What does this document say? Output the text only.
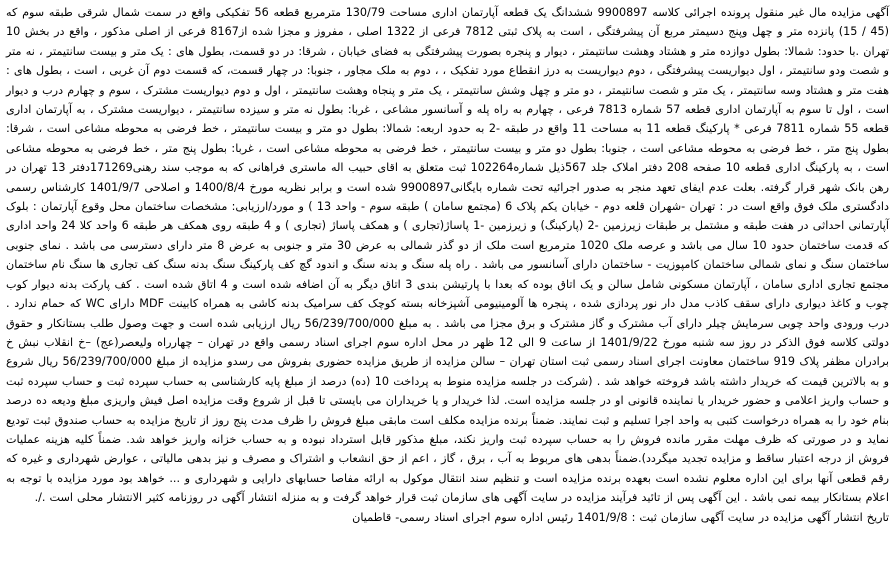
آگهی مزایده مال غیر منقول پرونده اجرائی کلاسه 9900897 ششدانگ یک قطعه آپارتمان اداری مساحت 130/79 مترمربع قطعه 56 تفکیکی واقع در سمت شمال شرقی طبقه سوم که (45 / 15) پانزده متر و چهل وپنج دسیمتر مربع آن پیشرفتگی ، است به پلاک ثبتی 7812 فرعی از 1322 اصلی ، مفروز و مجزا شده از8167 فرعی از اصلی مذکور ، واقع در بخش 10 تهران .با حدود: شمالا: بطول دوازده متر و هشتاد وهشت سانتیمتر ، دیوار و پنجره بصورت پیشرفتگی به فضای خیابان ، شرقا: در دو قسمت، بطول های : یک متر و بیست سانتیمتر ، نه متر و شصت ودو سانتیمتر ، اول دیواریست پیشرفتگی ، دوم دیواریست به درز انقطاع مورد تفکیک ، ، دوم به ملک مجاور ، جنوبا: در چهار قسمت، که قسمت دوم آن غربی ، است ، بطول های : هفت متر و هشتاد وسه سانتیمتر ، یک متر و شصت سانتیمتر ، دو متر و چهل وشش سانتیمتر ، یک متر و پنجاه وهشت سانتیمتر ، اول و دوم دیواریست مشترک ، سوم و چهارم درب و دیوار است ، اول تا سوم به آپارتمان اداری قطعه 57 شماره 7813 فرعی ، چهارم به راه پله و آسانسور مشاعی ، غربا: بطول نه متر و سیزده سانتیمتر ، دیواریست مشترک ، به آپارتمان اداری قطعه 55 شماره 7811 فرعی * پارکینگ قطعه 11 به مساحت 11 واقع در طبقه -2 به حدود اربعه: شمالا: بطول دو متر و بیست سانتیمتر ، خط فرضی به محوطه مشاعی است ، شرقا: بطول پنج متر ، خط فرضی به محوطه مشاعی است ، جنوبا: بطول دو متر و بیست سانتیمتر ، خط فرضی به محوطه مشاعی است ، غربا: بطول پنج متر ، خط فرضی به محوطه مشاعی است ، به پارکینگ اداری قطعه 10 صفحه 208 دفتر املاک جلد 567ذیل شماره102264 ثبت متعلق به اقای حبیب اله ماستری فراهانی که به موجب سند رهنی171269دفتر 13 تهران در رهن بانک شهر قرار گرفته. بعلت عدم ایفای تعهد منجر به صدور اجرائیه تحت شماره بایگانی9900897 شده است و برابر نظریه مورخ 1400/8/4 و اصلاحی 1401/9/7 کارشناس رسمی دادگستری ملک فوق واقع است در : تهران -شهران قلعه دوم - خیابان یکم پلاک 6 (مجتمع سامان ) طبقه سوم - واحد 13 ) و مورد/ارزیابی: مشخصات ساختمان محل وقوع آپارتمان : بلوک آپارتمانی احداثی در هفت طبقه و مشتمل بر طبقات زیرزمین -2 (پارکینگ) و زیرزمین -1 پاساژ(تجاری ) و همکف پاساژ (تجاری ) و 4 طبقه روی همکف هر طبقه 6 واحد کلا 24 واحد اداری که قدمت ساختمان حدود 10 سال می باشد و عرصه ملک 1020 مترمربع است ملک از دو گذر شمالی به عرض 30 متر و جنوبی به عرض 8 متر دارای دسترسی می باشد . نمای جنوبی ساختمان سنگ و نمای شمالی ساختمان کامپوزیت - ساختمان دارای آسانسور می باشد . راه پله سنگ و بدنه سنگ و اندود گچ کف پارکینگ سنگ بدنه سنگ کف تجاری ها سنگ نام ساختمان مجتمع تجاری اداری سامان ، آپارتمان مسکونی شامل سالن و یک اتاق بوده که بعدا با پارتیشن بندی 3 اتاق دیگر به آن اضافه شده است و 4 اتاق شده است . کف پارکت بدنه دیوار کوب چوب و کاغذ دیواری دارای سقف کاذب مدل دار نور پردازی شده ، پنجره ها آلومینیومی آشپزخانه بسته کوچک کف سرامیک بدنه کاشی به همراه کابینت MDF دارای WC که حمام ندارد . درب ورودی واحد چوبی سرمایش چیلر دارای آب مشترک و گاز مشترک و برق مجزا می باشد . به مبلغ 56/239/700/000 ریال ارزیابی شده است و جهت وصول طلب بستانکار و حقوق دولتی کلاسه فوق الذکر در روز سه شنبه مورخ 1401/9/22 از ساعت 9 الی 12 ظهر در محل اداره سوم اجرای اسناد رسمی واقع در تهران – چهارراه ولیعصر(عج) –خ انقلاب نبش خ برادران مظفر پلاک 919 ساختمان معاونت اجرای اسناد رسمی ثبت استان تهران – سالن مزایده از طریق مزایده حضوری بفروش می رسدو مزایده از مبلغ 56/239/700/000 ریال شروع و به بالاترین قیمت که خریدار داشته باشد فروخته خواهد شد . (شرکت در جلسه مزایده منوط به پرداخت 10 (ده) درصد از مبلغ پایه کارشناسی به حساب سپرده ثبت و حساب سپرده ثبت و حساب واریز اعلامی و حضور خریدار یا نماینده قانونی او در جلسه مزایده است. لذا خریدار و یا خریداران می بایستی تا قبل از شروع وقت مزایده اصل فیش واریزی مبلغ ودیعه ده درصد بنام خود را به همراه درخواست کتبی به واحد اجرا تسلیم و ثبت نمایند. ضمناً برنده مزایده مکلف است مابقی مبلغ فروش را ظرف مدت پنج روز از تاریخ مزایده به حساب صندوق ثبت تودیع نماید و در صورتی که ظرف مهلت مقرر مانده فروش را به حساب سپرده ثبت واریز نکند، مبلغ مذکور قابل استرداد نبوده و به حساب خزانه واریز خواهد شد. ضمناً کلیه هزینه عملیات فروش از درجه اعتبار ساقط و مزایده تجدید میگردد).ضمناً بدهی های مربوط به آب ، برق ، گاز ، اعم از حق انشعاب و اشتراک و مصرف و نیز بدهی مالیاتی ، عوارض شهرداری و غیره که رقم قطعی آنها برای این اداره معلوم نشده است بعهده برنده مزایده است و تنظیم سند انتقال موکول به ارائه مفاصا حسابهای دارایی و شهرداری و ... خواهد بود مورد مزایده با توجه به اعلام بستانکار بیمه نمی باشد . این آگهی پس از تائید فرآیند مزایده در سایت آگهی های سازمان ثبت قرار خواهد گرفت و به منزله انتشار آگهی در روزنامه کثیر الانتشار محلی است ./.

تاریخ انتشار آگهی مزایده در سایت آگهی سازمان ثبت : 1401/9/8 رئیس اداره سوم اجرای اسناد رسمی- قاطمیان
